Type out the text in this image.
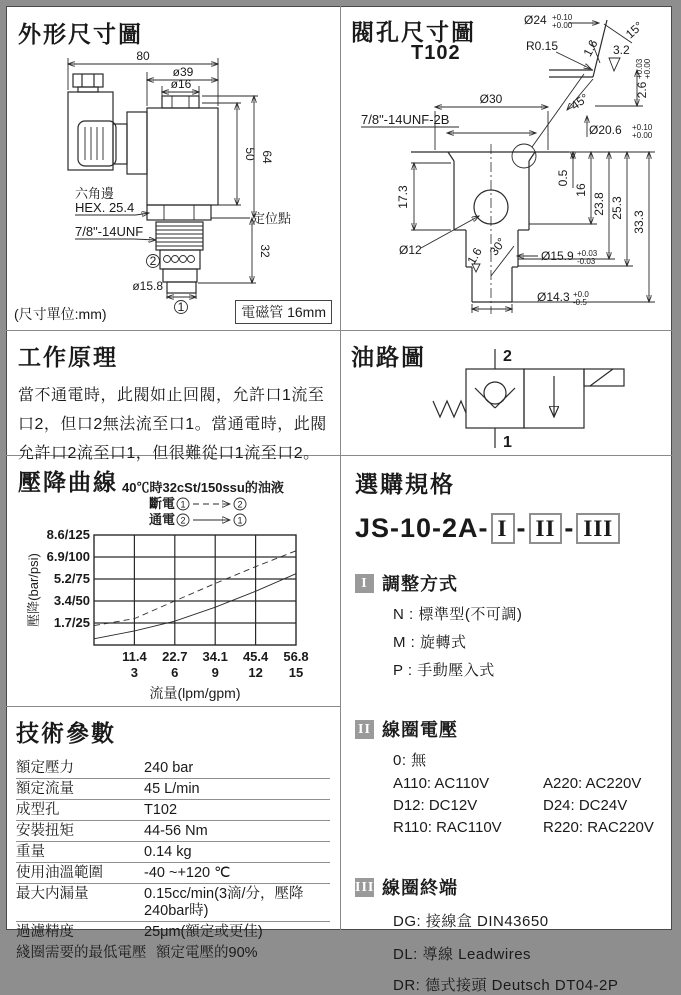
外形尺寸圖
80
ø39
ø16
2
1
ø15.8
50 64
32
定位點
六角邊
HEX. 25.4
7/8"-14UNF
(尺寸單位:mm)	電磁管 16mm
閥孔尺寸圖
T102
Ø30
7/8"-14UNF-2B
17.3
0.5
16
23.8 25.3
33.3
Ø12	1.6 30°	Ø15.9 +0.03
-0.03
Ø14.3 +0.0
-0.5
Ø24 +0.10
+0.00
R0.15
15°
1.6 3.2
45°
2.6
+0.03 +0.00
Ø20.6 +0.10
+0.00
工作原理
當不通電時，此閥如止回閥，允許口1流至口2，但口2無法流至口1。當通電時，此閥允許口2流至口1，但很難從口1流至口2。
油路圖	2
1
壓降曲線 40℃時32cSt/150ssu的油液
斷電 1	2
通電 2	1
8.6/125
6.9/100
5.2/75
3.4/50
1.7/25
11.4 22.7 34.1 45.4 56.8
3	6	9 12 15
流量(lpm/gpm)
壓降(bar/psi)
選購規格
JS-10-2A- I - II - III
I 調整方式
N : 標準型(不可調)
M : 旋轉式
P : 手動壓入式
II 線圈電壓
0: 無
A110: AC110V	A220: AC220V
D12: DC12V	D24: DC24V
R110: RAC110V	R220: RAC220V
III 線圈終端
DG: 接線盒 DIN43650
DL: 導線 Leadwires
DR: 德式接頭 Deutsch DT04-2P
技術參數
額定壓力	240 bar
額定流量	45 L/min
成型孔	T102
安裝扭矩	44-56 Nm
重量	0.14 kg
使用油溫範圍	-40 ~+120 ℃
最大内漏量	0.15cc/min(3滴/分，壓降240bar時)
過濾精度	25μm(額定或更佳)
綫圈需要的最低電壓 額定電壓的90%
